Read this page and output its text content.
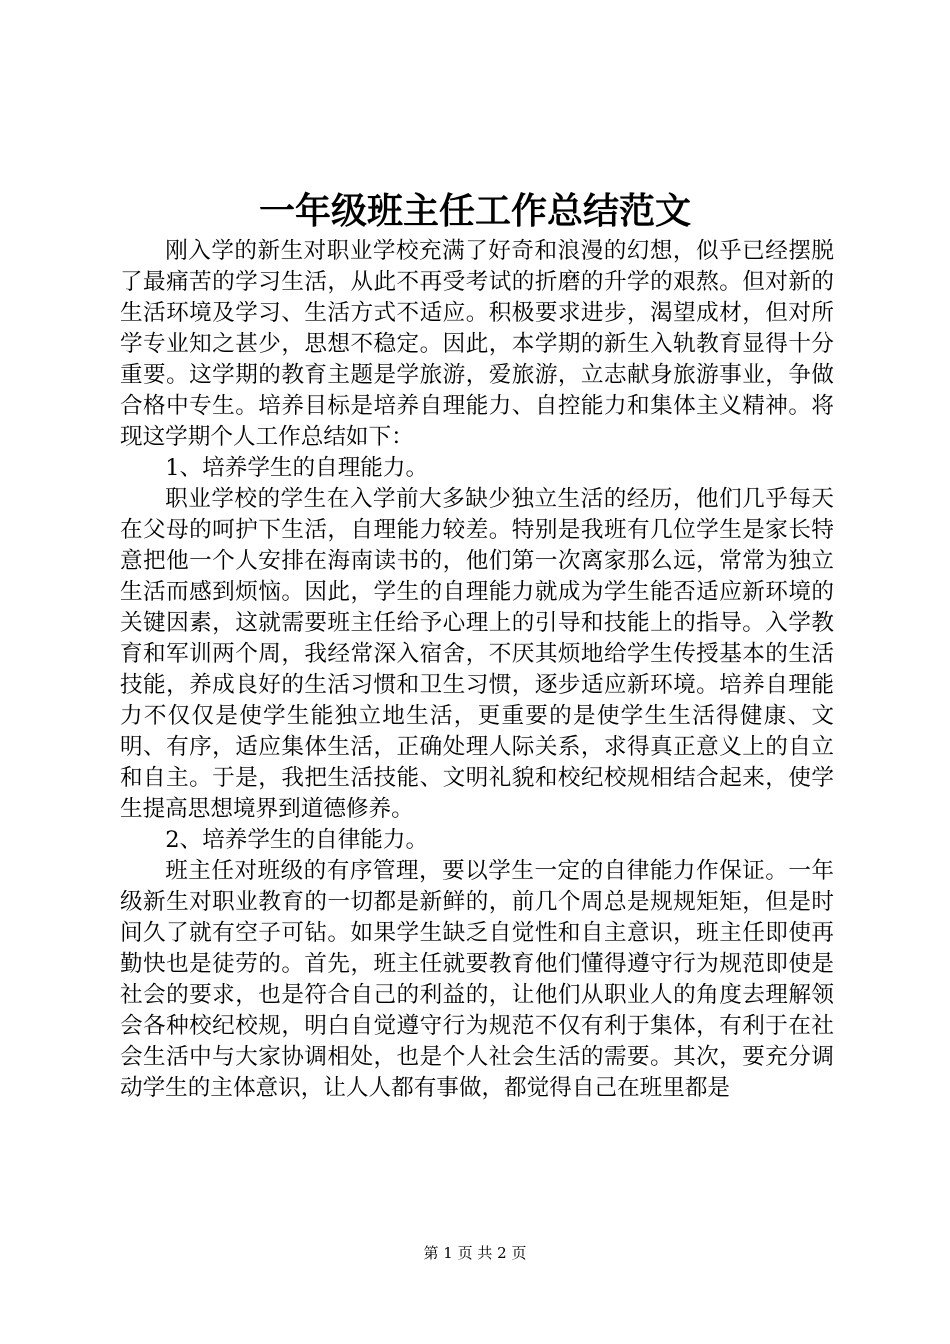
一年级班主任工作总结范文

刚入学的新生对职业学校充满了好奇和浪漫的幻想，似乎已经摆脱了最痛苦的学习生活，从此不再受考试的折磨的升学的艰熬。但对新的生活环境及学习、生活方式不适应。积极要求进步，渴望成材，但对所学专业知之甚少，思想不稳定。因此，本学期的新生入轨教育显得十分重要。这学期的教育主题是学旅游，爱旅游，立志献身旅游事业，争做合格中专生。培养目标是培养自理能力、自控能力和集体主义精神。将现这学期个人工作总结如下：

1、培养学生的自理能力。

职业学校的学生在入学前大多缺少独立生活的经历，他们几乎每天在父母的呵护下生活，自理能力较差。特别是我班有几位学生是家长特意把他一个人安排在海南读书的，他们第一次离家那么远，常常为独立生活而感到烦恼。因此，学生的自理能力就成为学生能否适应新环境的关键因素，这就需要班主任给予心理上的引导和技能上的指导。入学教育和军训两个周，我经常深入宿舍，不厌其烦地给学生传授基本的生活技能，养成良好的生活习惯和卫生习惯，逐步适应新环境。培养自理能力不仅仅是使学生能独立地生活，更重要的是使学生生活得健康、文明、有序，适应集体生活，正确处理人际关系，求得真正意义上的自立和自主。于是，我把生活技能、文明礼貌和校纪校规相结合起来，使学生提高思想境界到道德修养。

2、培养学生的自律能力。

班主任对班级的有序管理，要以学生一定的自律能力作保证。一年级新生对职业教育的一切都是新鲜的，前几个周总是规规矩矩，但是时间久了就有空子可钻。如果学生缺乏自觉性和自主意识，班主任即使再勤快也是徒劳的。首先，班主任就要教育他们懂得遵守行为规范即使是社会的要求，也是符合自己的利益的，让他们从职业人的角度去理解领会各种校纪校规，明白自觉遵守行为规范不仅有利于集体，有利于在社会生活中与大家协调相处，也是个人社会生活的需要。其次，要充分调动学生的主体意识，让人人都有事做，都觉得自己在班里都是

第 1 页 共 2 页
